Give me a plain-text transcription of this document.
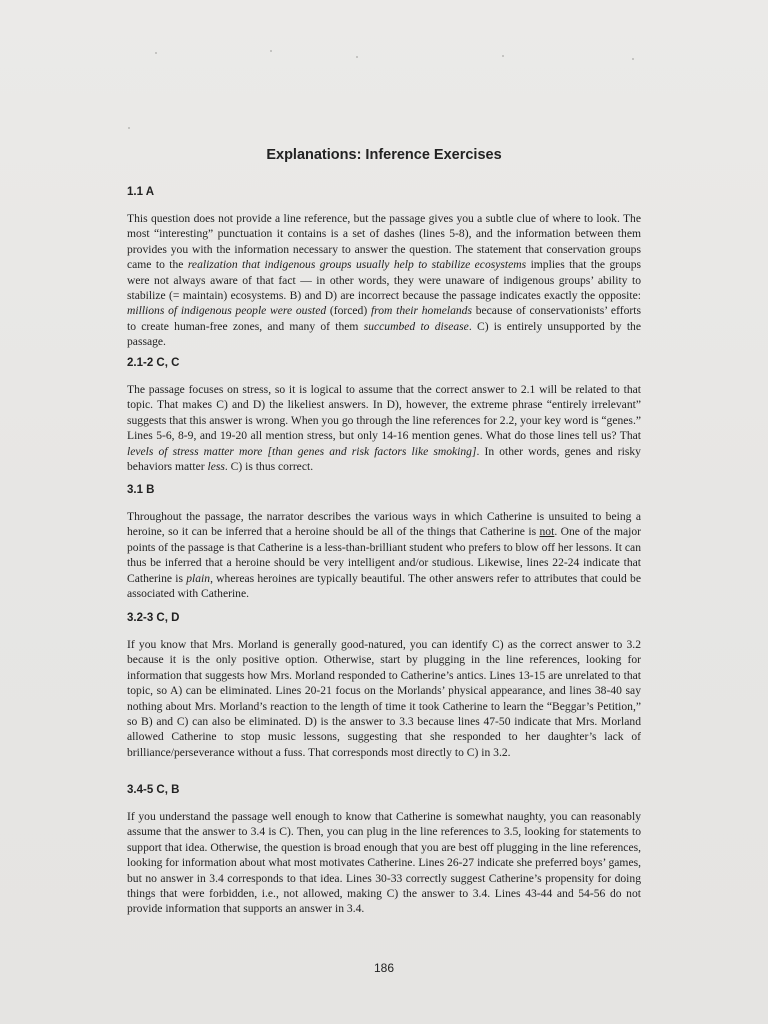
Explanations: Inference Exercises
1.1 A

This question does not provide a line reference, but the passage gives you a subtle clue of where to look. The most “interesting” punctuation it contains is a set of dashes (lines 5-8), and the information between them provides you with the information necessary to answer the question. The statement that conservation groups came to the realization that indigenous groups usually help to stabilize ecosystems implies that the groups were not always aware of that fact — in other words, they were unaware of indigenous groups’ ability to stabilize (= maintain) ecosystems. B) and D) are incorrect because the passage indicates exactly the opposite: millions of indigenous people were ousted (forced) from their homelands because of conservationists’ efforts to create human-free zones, and many of them succumbed to disease. C) is entirely unsupported by the passage.

2.1-2 C, C

The passage focuses on stress, so it is logical to assume that the correct answer to 2.1 will be related to that topic. That makes C) and D) the likeliest answers. In D), however, the extreme phrase “entirely irrelevant” suggests that this answer is wrong. When you go through the line references for 2.2, your key word is “genes.” Lines 5-6, 8-9, and 19-20 all mention stress, but only 14-16 mention genes. What do those lines tell us? That levels of stress matter more [than genes and risk factors like smoking]. In other words, genes and risky behaviors matter less. C) is thus correct.

3.1 B

Throughout the passage, the narrator describes the various ways in which Catherine is unsuited to being a heroine, so it can be inferred that a heroine should be all of the things that Catherine is not. One of the major points of the passage is that Catherine is a less-than-brilliant student who prefers to blow off her lessons. It can thus be inferred that a heroine should be very intelligent and/or studious. Likewise, lines 22-24 indicate that Catherine is plain, whereas heroines are typically beautiful. The other answers refer to attributes that could be associated with Catherine.

3.2-3 C, D

If you know that Mrs. Morland is generally good-natured, you can identify C) as the correct answer to 3.2 because it is the only positive option. Otherwise, start by plugging in the line references, looking for information that suggests how Mrs. Morland responded to Catherine’s antics. Lines 13-15 are unrelated to that topic, so A) can be eliminated. Lines 20-21 focus on the Morlands’ physical appearance, and lines 38-40 say nothing about Mrs. Morland’s reaction to the length of time it took Catherine to learn the “Beggar’s Petition,” so B) and C) can also be eliminated. D) is the answer to 3.3 because lines 47-50 indicate that Mrs. Morland allowed Catherine to stop music lessons, suggesting that she responded to her daughter’s lack of brilliance/perseverance without a fuss. That corresponds most directly to C) in 3.2.

3.4-5 C, B

If you understand the passage well enough to know that Catherine is somewhat naughty, you can reasonably assume that the answer to 3.4 is C). Then, you can plug in the line references to 3.5, looking for statements to support that idea. Otherwise, the question is broad enough that you are best off plugging in the line references, looking for information about what most motivates Catherine. Lines 26-27 indicate she preferred boys’ games, but no answer in 3.4 corresponds to that idea. Lines 30-33 correctly suggest Catherine’s propensity for doing things that were forbidden, i.e., not allowed, making C) the answer to 3.4. Lines 43-44 and 54-56 do not provide information that supports an answer in 3.4.

186
